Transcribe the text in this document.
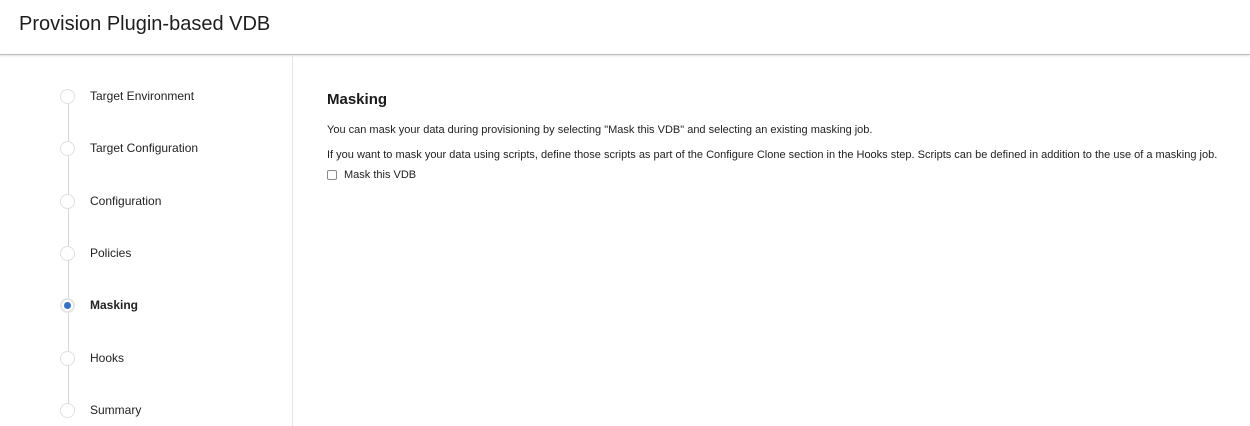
Provision Plugin-based VDB
Target Environment
Target Configuration
Configuration
Policies
Masking
Hooks
Summary
Masking

You can mask your data during provisioning by selecting "Mask this VDB" and selecting an existing masking job.

If you want to mask your data using scripts, define those scripts as part of the Configure Clone section in the Hooks step. Scripts can be defined in addition to the use of a masking job.

Mask this VDB
